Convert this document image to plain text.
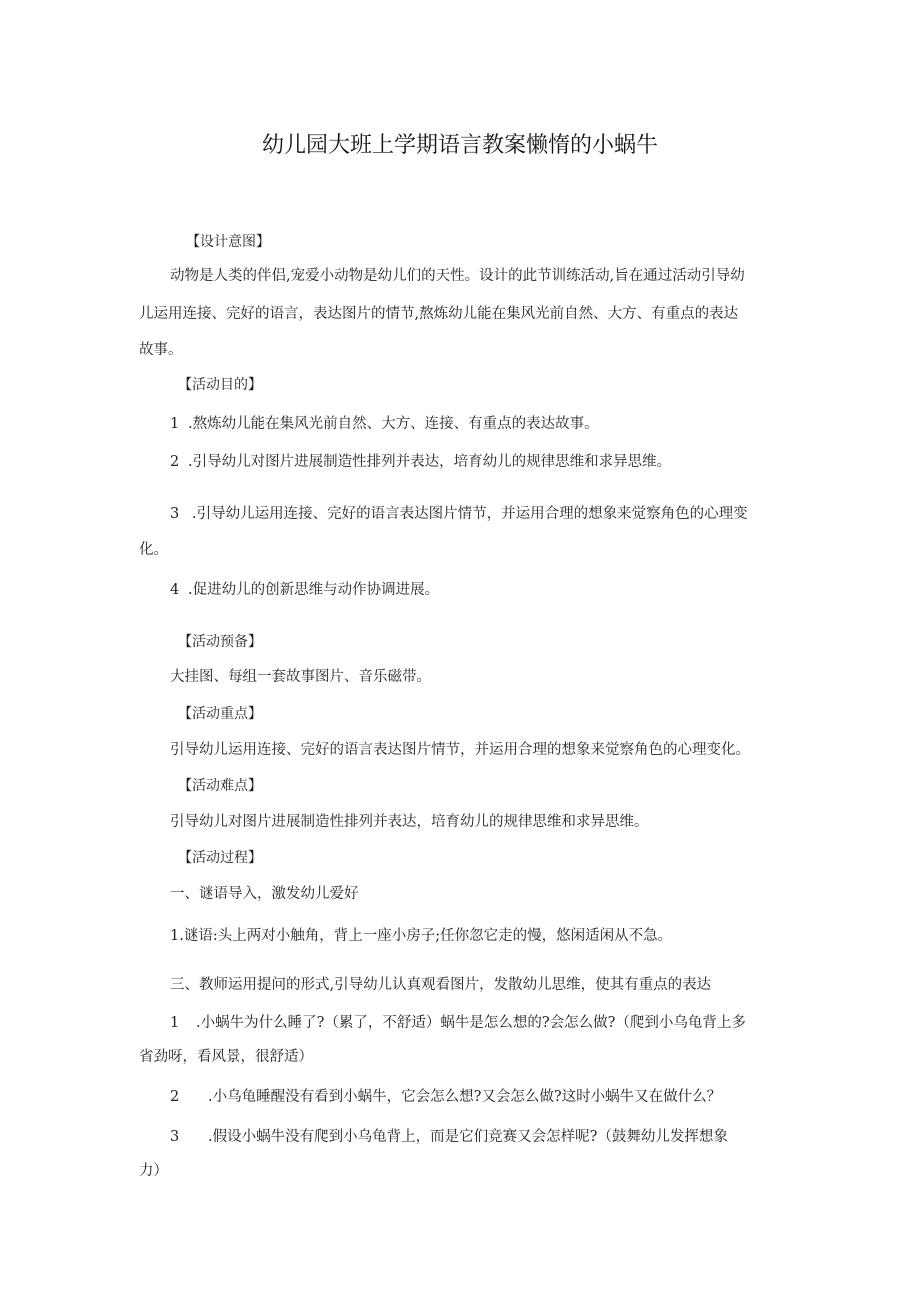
幼儿园大班上学期语言教案懒惰的小蜗牛
【设计意图】
动物是人类的伴侣,宠爱小动物是幼儿们的天性。设计的此节训练活动,旨在通过活动引导幼
儿运用连接、完好的语言，表达图片的情节,熬炼幼儿能在集风光前自然、大方、有重点的表达
故事。
【活动目的】
1 .熬炼幼儿能在集风光前自然、大方、连接、有重点的表达故事。
2 .引导幼儿对图片进展制造性排列并表达，培育幼儿的规律思维和求异思维。
3 .引导幼儿运用连接、完好的语言表达图片情节，并运用合理的想象来觉察角色的心理变
化。
4 .促进幼儿的创新思维与动作协调进展。
【活动预备】
大挂图、每组一套故事图片、音乐磁带。
【活动重点】
引导幼儿运用连接、完好的语言表达图片情节，并运用合理的想象来觉察角色的心理变化。
【活动难点】
引导幼儿对图片进展制造性排列并表达，培育幼儿的规律思维和求异思维。
【活动过程】
一、谜语导入，激发幼儿爱好
1.谜语:头上两对小触角，背上一座小房子;任你忽它走的慢，悠闲适闲从不急。
三、教师运用提问的形式,引导幼儿认真观看图片，发散幼儿思维，使其有重点的表达
1 .小蜗牛为什么睡了?（累了，不舒适）蜗牛是怎么想的?会怎么做?（爬到小乌龟背上多
省劲呀，看风景，很舒适）
2 .小乌龟睡醒没有看到小蜗牛，它会怎么想?又会怎么做?这时小蜗牛又在做什么？
3 .假设小蜗牛没有爬到小乌龟背上，而是它们竞赛又会怎样呢?（鼓舞幼儿发挥想象
力）
